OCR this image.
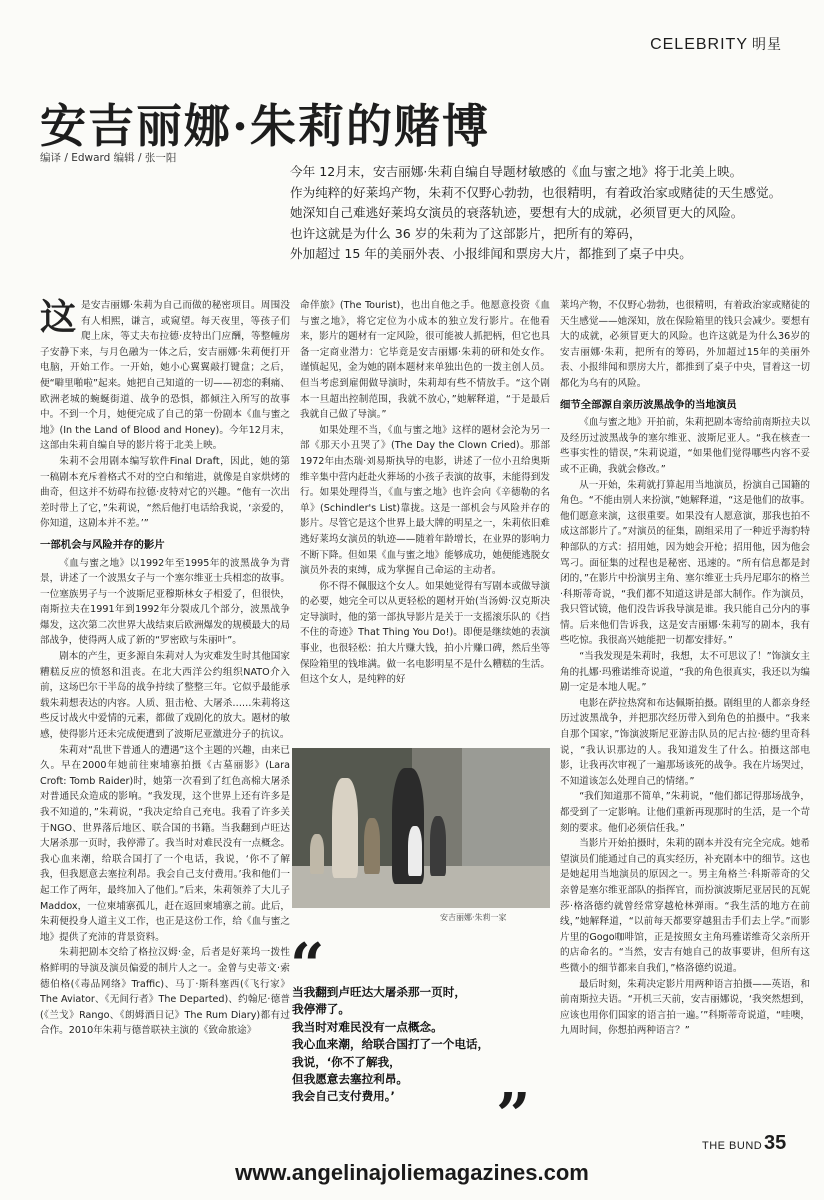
CELEBRITY 明星
安吉丽娜·朱莉的赌博
编译 / Edward 编辑 / 张一阳

今年 12月末，安吉丽娜·朱莉自编自导题材敏感的《血与蜜之地》将于北美上映。

作为纯粹的好莱坞产物，朱莉不仅野心勃勃，也很精明，有着政治家或赌徒的天生感觉。

她深知自己难逃好莱坞女演员的衰落轨迹，要想有大的成就，必须冒更大的风险。

也许这就是为什么 36 岁的朱莉为了这部影片，把所有的筹码，

外加超过 15 年的美丽外表、小报绯闻和票房大片，都推到了桌子中央。

这 是安吉丽娜·朱莉为自己而做的秘密项目。周围没有人相熙，谦言，或窥望。每天夜里，等孩子们爬上床，等丈夫布拉德·皮特出门应酬，等整幢房子安静下来，与月色融为一体之后，安吉丽娜·朱莉便打开电脑，开始工作。一开始，她小心翼翼敲打键盘；之后，便“噼里啪啦”起来。她把自己知道的一切——初恋的剩痛、欧洲老城的蜿蜒街道、战争的恐惧，都倾注入所写的故事中。不到一个月，她便完成了自己的第一份剧本《血与蜜之地》(In the Land of Blood and Honey)。今年12月末，这部由朱莉自编自导的影片将于北美上映。

朱莉不会用剧本编写软件Final Draft，因此，她的第一稿剧本充斥着格式不对的空白和缩进，就像是自家烘烤的曲奇，但这并不妨碍布拉德·皮特对它的兴趣。“他有一次出差时带上了它，”朱莉说，“然后他打电话给我说，‘亲爱的，你知道，这剧本并不差。’”

一部机会与风险并存的影片

《血与蜜之地》以1992年至1995年的波黑战争为背景，讲述了一个波黑女子与一个塞尔维亚士兵相恋的故事。一位塞族男子与一个波斯尼亚穆斯林女子相爱了，但很快，南斯拉夫在1991年到1992年分裂成几个部分，波黑战争爆发，这次第二次世界大战结束后欧洲爆发的规模最大的局部战争，使得两人成了新的“罗密欧与朱丽叶”。

剧本的产生，更多源自朱莉对人为灾难发生时其他国家糟糕反应的愤怒和沮丧。在北大西洋公约组织NATO介入前，这场巴尔干半岛的战争持续了整整三年。它似乎最能承载朱莉想表达的内容。人质、狙击枪、大屠杀……朱莉将这些反讨战火中爱情的元素，都做了戏剧化的放大。题材的敏感，使得影片还未完成便遭到了波斯尼亚激进分子的抗议。

朱莉对“乱世下普通人的遭遇”这个主题的兴趣，由来已久。早在2000年她前往柬埔寨拍摄《古墓丽影》(Lara Croft: Tomb Raider)时，她第一次看到了红色高棉大屠杀对普通民众造成的影响。“我发现，这个世界上还有许多是我不知道的，”朱莉说，“我决定给自己充电。我看了许多关于NGO、世界落后地区、联合国的书籍。当我翻到卢旺达大屠杀那一页时，我停滞了。我当时对难民没有一点概念。我心血来潮，给联合国打了一个电话，我说，‘你不了解我，但我愿意去塞拉利昂。我会自己支付费用。’我和他们一起工作了两年，最终加入了他们。”后来，朱莉领养了大儿子Maddox，一位柬埔寨孤儿，赶在返回柬埔寨之前。此后，朱莉便投身人道主义工作，也正是这份工作，给《血与蜜之地》提供了充沛的背景资料。

朱莉把剧本交给了格拉汉姆·金，后者是好莱坞一拨性格鲜明的导演及演员偏爱的制片人之一。金曾与史蒂文·索德伯格(《毒品网络》Traffic)、马丁·斯科塞西(《飞行家》The Aviator、《无间行者》The Departed)、约翰尼·德普(《兰戈》Rango、《朗姆酒日记》The Rum Diary)都有过合作。2010年朱莉与德普联袂主演的《致命旅途》

命伴旅》(The Tourist)，也出自他之手。他愿意投资《血与蜜之地》，将它定位为小成本的独立发行影片。在他看来，影片的题材有一定风险，很可能被人抓把柄，但它也具备一定商业潜力：它毕竟是安吉丽娜·朱莉的研和处女作。谨慎起见，金为她的剧本题材来单独出色的一拨主创人员。但当考虑到雇佣做导演时，朱莉却有些不情放手。“这个剧本一旦超出控制范围，我就不放心，”她解释道，“于是最后我就自己做了导演。”

如果处理不当，《血与蜜之地》这样的题材会沦为另一部《那天小丑哭了》(The Day the Clown Cried)。那部1972年由杰瑞·刘易斯执导的电影，讲述了一位小丑给奥斯维辛集中营内赶赴火葬场的小孩子表演的故事，未能得到发行。如果处理得当，《血与蜜之地》也许会向《辛德勒的名单》(Schindler's List)靠拢。这是一部机会与风险并存的影片。尽管它是这个世界上最大牌的明星之一，朱莉依旧难逃好莱坞女演员的轨迹——随着年龄增长，在业界的影响力不断下降。但如果《血与蜜之地》能够成功，她便能逃脱女演员外表的束缚，成为掌握自己命运的主动者。

你不得不佩服这个女人。如果她觉得有写剧本或做导演的必要，她完全可以从更轻松的题材开始(当汤姆·汉克斯决定导演时，他的第一部执导影片是关于一支摇滚乐队的《挡不住的奇迹》That Thing You Do!)。即便是继续她的表演事业，也很轻松：拍大片赚大钱，拍小片赚口碑，然后坐等保险箱里的钱堆满。做一名电影明星不是什么糟糕的生活。但这个女人，是纯粹的好

莱坞产物，不仅野心勃勃，也很精明，有着政治家或赌徒的天生感觉——她深知，放在保险箱里的钱只会减少。要想有大的成就，必须冒更大的风险。也许这就是为什么36岁的安吉丽娜·朱莉，把所有的筹码，外加超过15年的美丽外表、小报绯闻和票房大片，都推到了桌子中央，冒着这一切都化为乌有的风险。

细节全部源自亲历波黑战争的当地演员

《血与蜜之地》开拍前，朱莉把剧本寄给前南斯拉夫以及经历过波黑战争的塞尔维亚、波斯尼亚人。“我在核查一些事实性的错误，”朱莉说道，“如果他们觉得哪些内容不妥或不正确，我就会修改。”

从一开始，朱莉就打算起用当地演员，扮演自己国籍的角色。“不能由别人来扮演，”她解释道，“这是他们的故事。他们愿意来演，这很重要。如果没有人愿意演，那我也拍不成这部影片了。”对演员的征集，剧组采用了一种近乎海豹特种部队的方式：招用她，因为她会开枪；招用他，因为他会骂刁。面征集的过程也是秘密、迅速的。“所有信息都是封闭的，”在影片中扮演男主角、塞尔维亚士兵丹尼耶尔的格兰·科斯蒂奇说，“我们都不知道这讲是部大制作。作为演员，我只管试镜，他们没告诉我导演是谁。我只能自己分内的事情。后来他们告诉我，这是安吉丽娜·朱莉写的剧本，我有些吃惊。我很高兴她能把一切都安排好。”

“当我发现是朱莉时，我想，太不可思议了！”饰演女主角的扎娜·玛雅诺维奇说道，“我的角色很真实，我还以为编剧一定是本地人呢。”

电影在萨拉热窝和布达佩斯拍摄。剧组里的人都亲身经历过波黑战争，并把那次经历带入到角色的拍摄中。“我来自那个国家，”饰演波斯尼亚游击队员的尼古拉·德约里奇科说，“我认识那边的人。我知道发生了什么。拍摄这部电影，让我再次审视了一遍那场该死的战争。我在片场哭过，不知道该怎么处理自己的情绪。”

“我们知道那不简单，”朱莉说，“他们都记得那场战争，都受到了一定影响。让他们重新再现那时的生活，是一个苛刻的要求。他们必须信任我。”

当影片开始拍摄时，朱莉的剧本并没有完全完成。她希望演员们能通过自己的真实经历，补充剧本中的细节。这也是她起用当地演员的原因之一。男主角格兰·科斯蒂奇的父亲曾是塞尔维亚部队的指挥官，而扮演波斯尼亚居民的瓦妮莎·格洛德约就曾经常穿越枪林弹雨。“我生活的地方在前线，”她解释道，“以前每天都要穿越狙击手们去上学。”而影片里的Gogo咖啡馆，正是按照女主角玛雅诺维奇父亲所开的店命名的。“当然，安吉有她自己的故事要讲，但所有这些微小的细节都来自我们，”格洛德约说道。

最后时刻，朱莉决定影片用两种语言拍摄——英语，和前南斯拉夫语。“开机三天前，安吉丽娜说，‘我突然想到，应该也用你们国家的语言拍一遍。’”科斯蒂奇说道，“哇噢，九周时间，你想拍两种语言？”

安吉丽娜·朱莉一家
“

当我翻到卢旺达大屠杀那一页时，

我停滞了。

我当时对难民没有一点概念。

我心血来潮，给联合国打了一个电话，

我说，‘你不了解我，

但我愿意去塞拉利昂。

我会自己支付费用。’	”	THE BUND 35
www.angelinajoliemagazines.com
